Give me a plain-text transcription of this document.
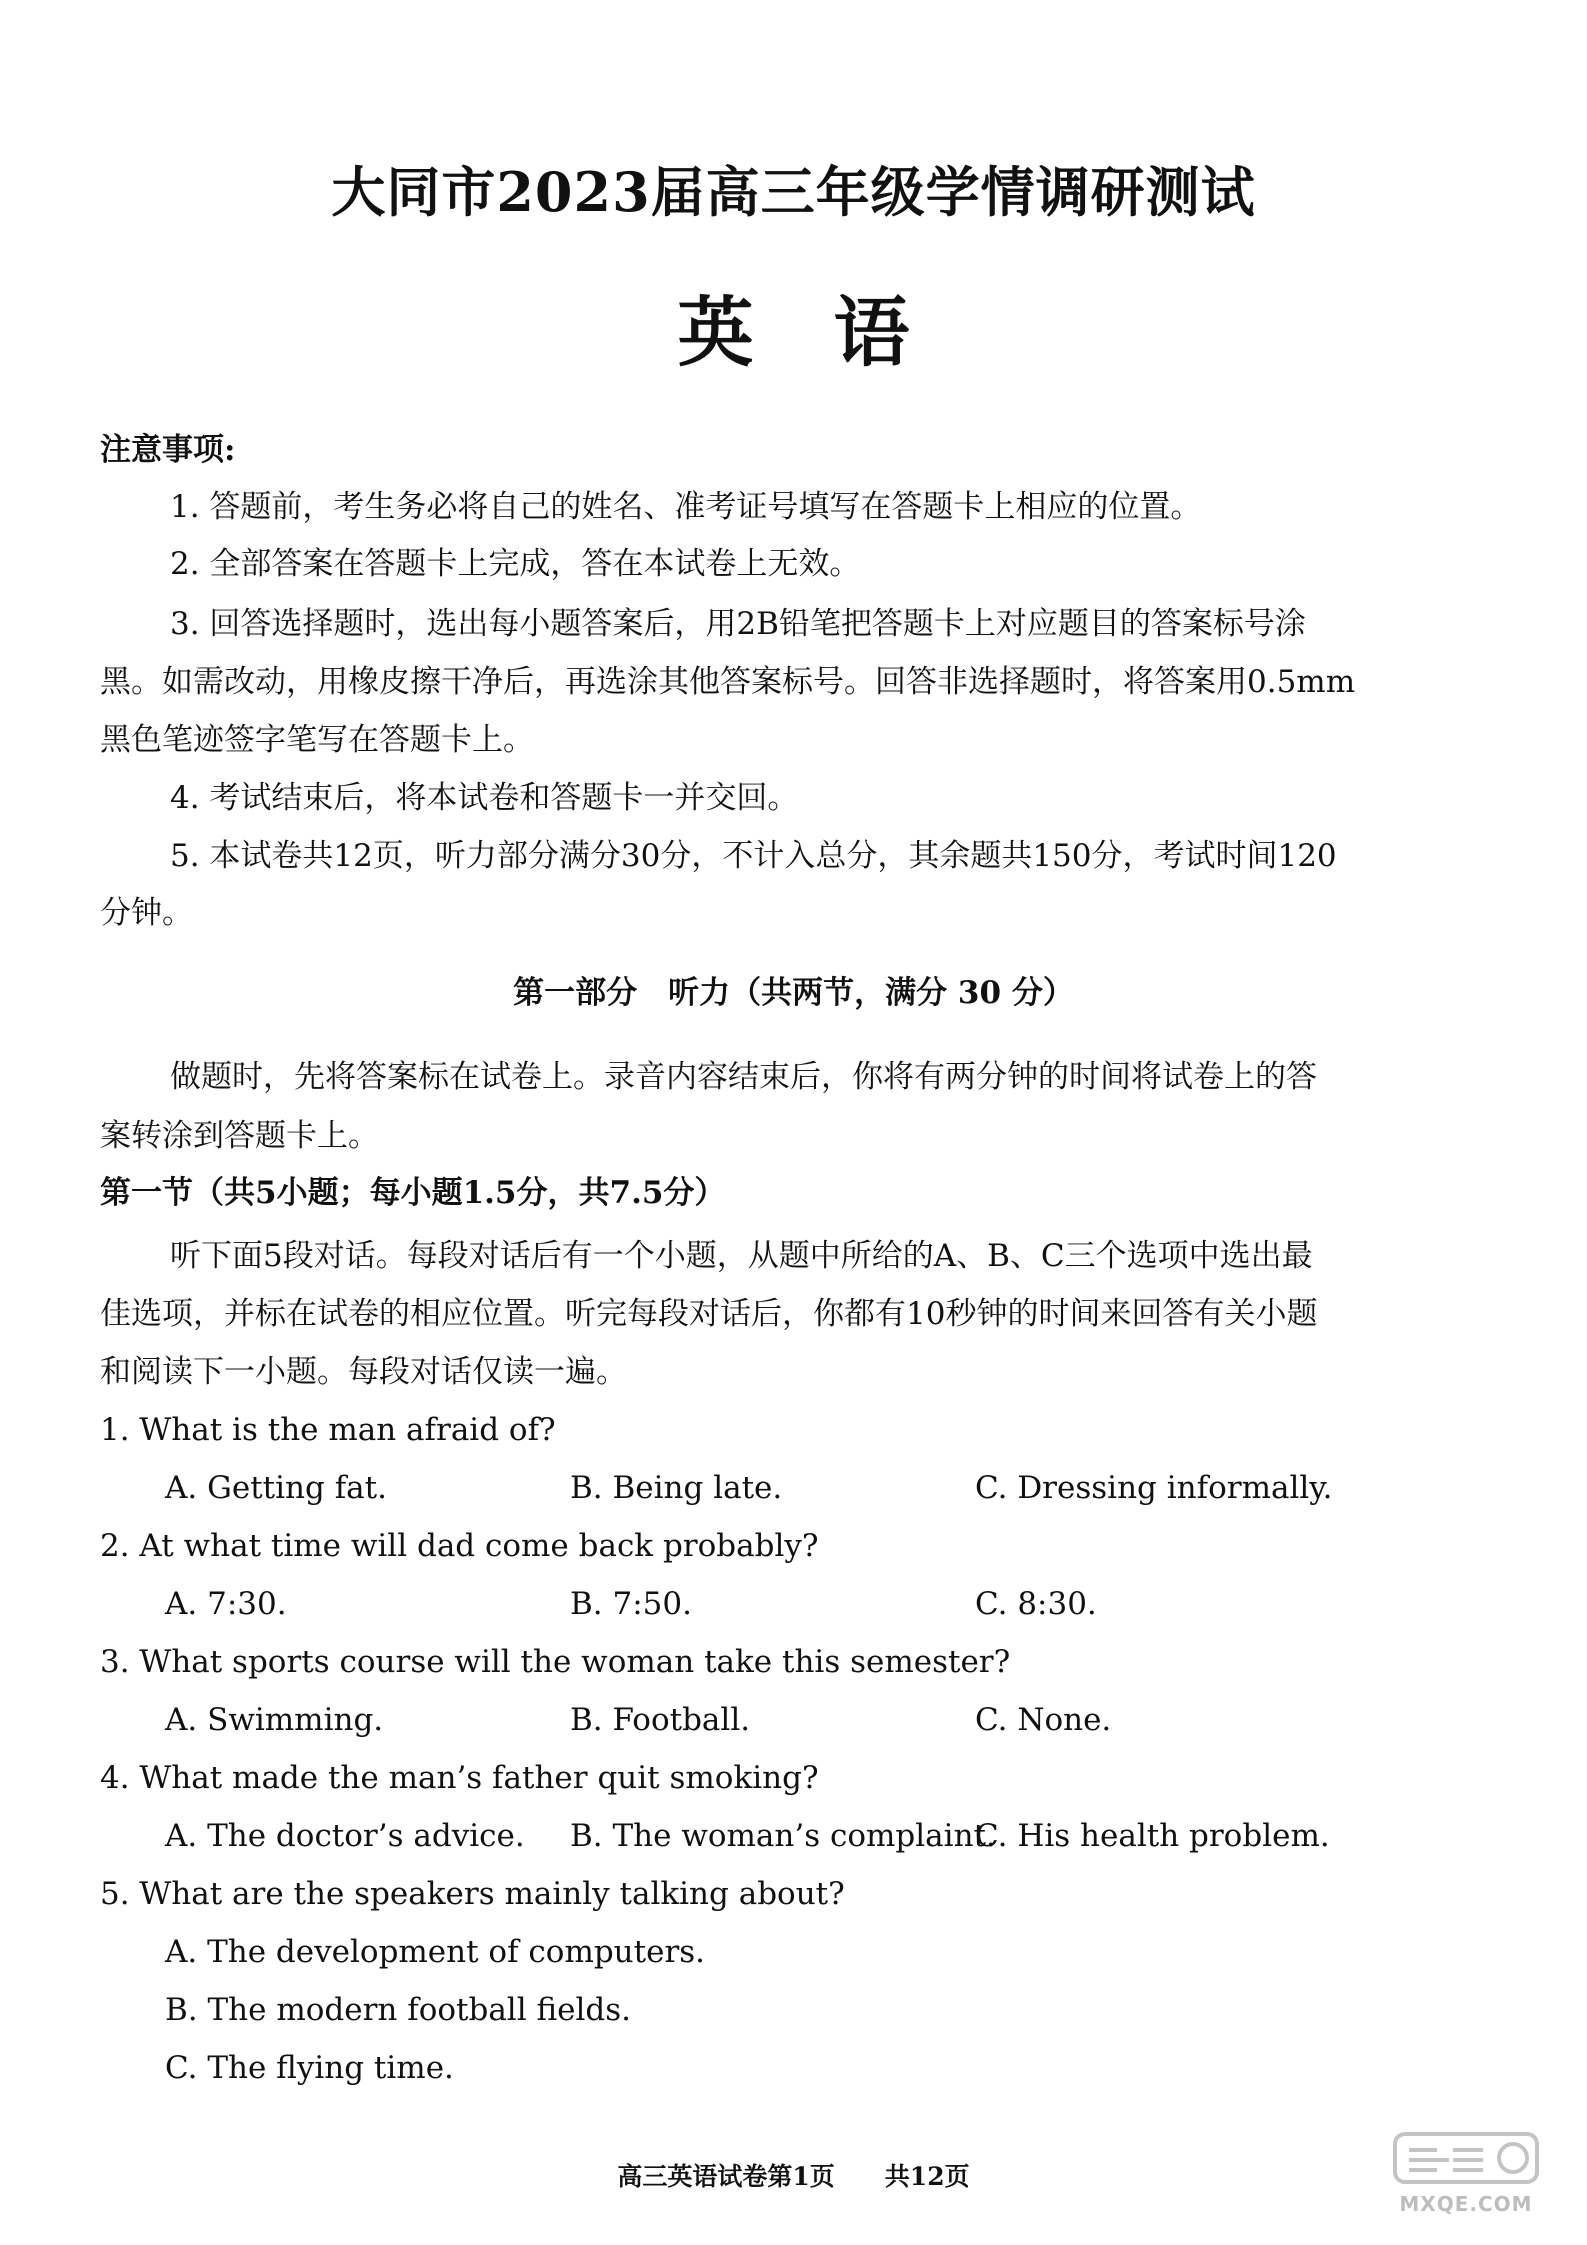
大同市2023届高三年级学情调研测试
英语
注意事项:
1. 答题前，考生务必将自己的姓名、准考证号填写在答题卡上相应的位置。
2. 全部答案在答题卡上完成，答在本试卷上无效。
3. 回答选择题时，选出每小题答案后，用2B铅笔把答题卡上对应题目的答案标号涂
黑。如需改动，用橡皮擦干净后，再选涂其他答案标号。回答非选择题时，将答案用0.5mm
黑色笔迹签字笔写在答题卡上。
4. 考试结束后，将本试卷和答题卡一并交回。
5. 本试卷共12页，听力部分满分30分，不计入总分，其余题共150分，考试时间120
分钟。
第一部分　听力（共两节，满分 30 分）
做题时，先将答案标在试卷上。录音内容结束后，你将有两分钟的时间将试卷上的答
案转涂到答题卡上。
第一节（共5小题；每小题1.5分，共7.5分）
听下面5段对话。每段对话后有一个小题，从题中所给的A、B、C三个选项中选出最
佳选项，并标在试卷的相应位置。听完每段对话后，你都有10秒钟的时间来回答有关小题
和阅读下一小题。每段对话仅读一遍。
1. What is the man afraid of?
A. Getting fat.	B. Being late.	C. Dressing informally.
2. At what time will dad come back probably?
A. 7:30.	B. 7:50.	C. 8:30.
3. What sports course will the woman take this semester?
A. Swimming.	B. Football.	C. None.
4. What made the man’s father quit smoking?
A. The doctor’s advice. B. The woman’s complaint.
C. His health problem.
5. What are the speakers mainly talking about?
A. The development of computers.
B. The modern football fields.
C. The flying time.
高三英语试卷第1页　　共12页
MXQE.COM
